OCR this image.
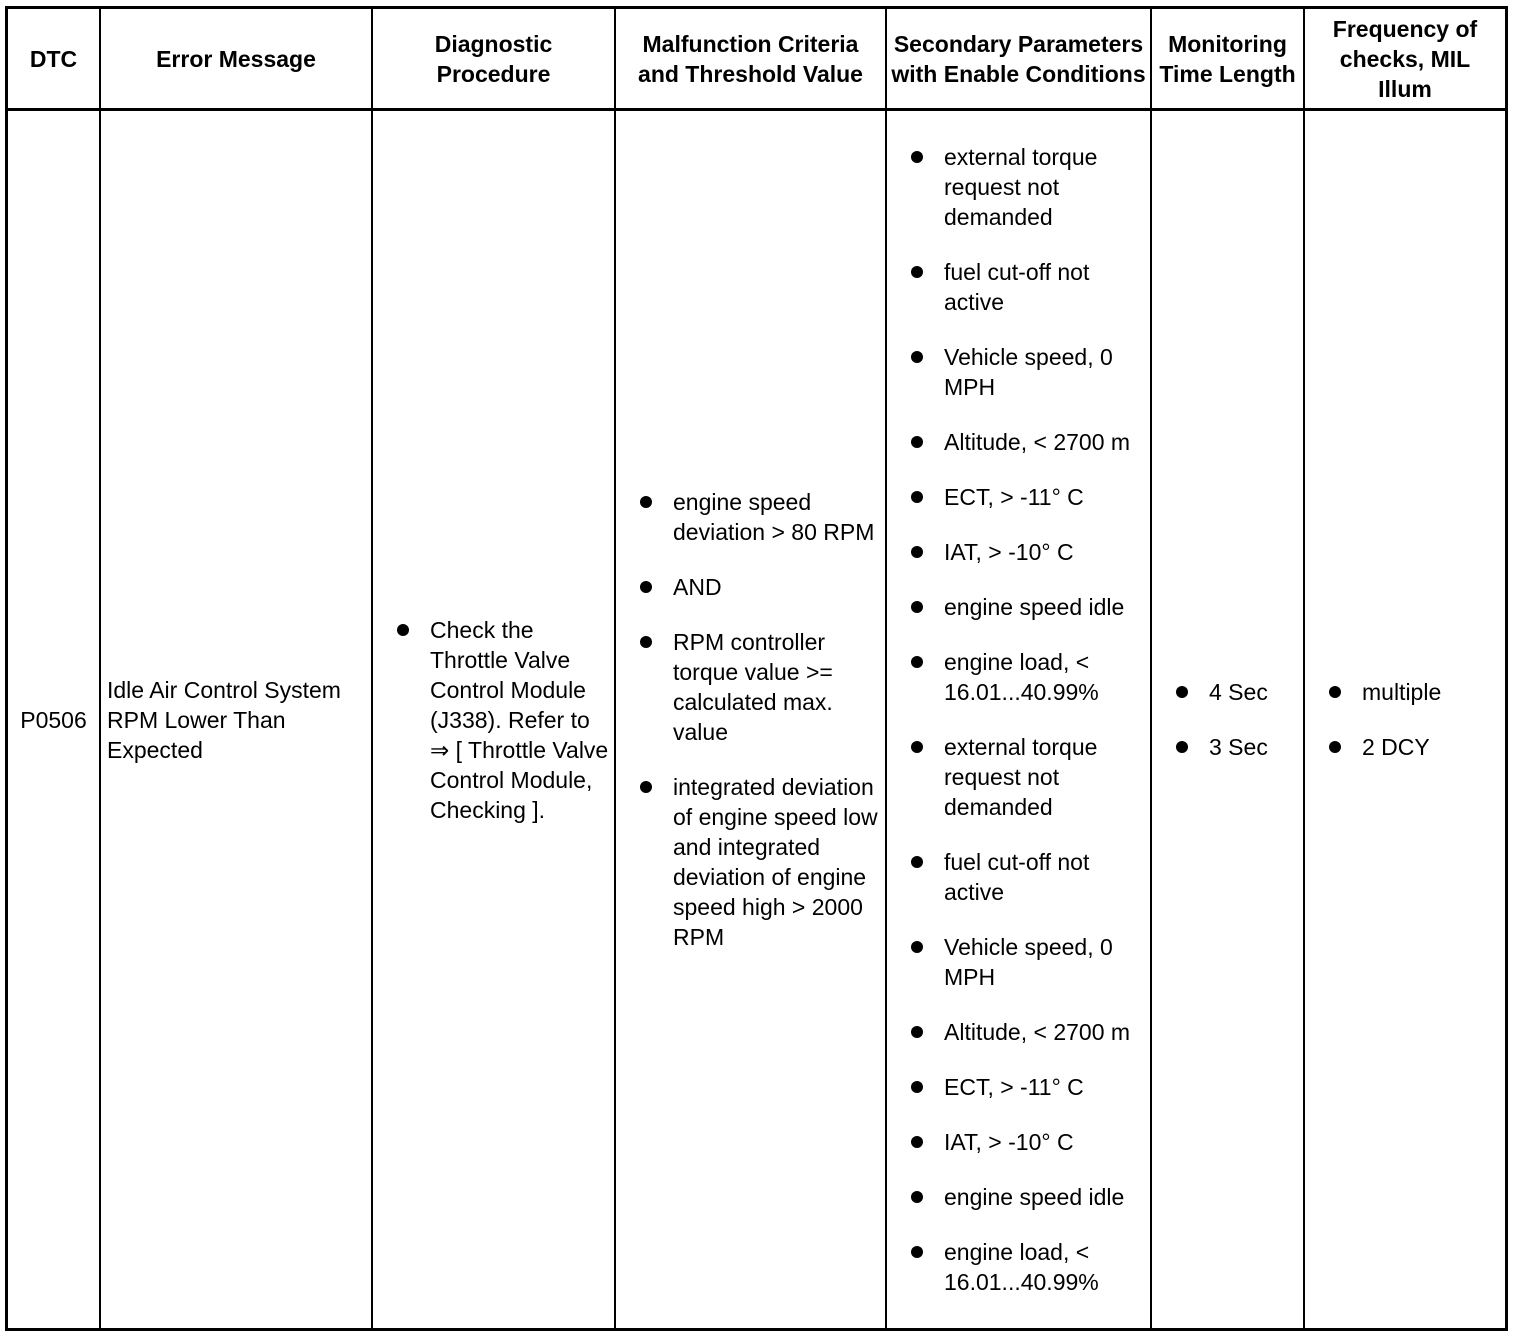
DTC	Error Message
Diagnostic Procedure
Malfunction Criteria and Threshold Value
Secondary Parameters with Enable Conditions
Monitoring Time Length
Frequency of checks, MIL Illum
P0506
Idle Air Control System RPM Lower Than Expected
Check the Throttle Valve Control Module (J338). Refer to ⇒ [ Throttle Valve Control Module, Checking ].
engine speed deviation > 80 RPM
AND
RPM controller torque value >= calculated max. value
integrated deviation of engine speed low and integrated deviation of engine speed high > 2000 RPM
external torque request not demanded
fuel cut-off not active
Vehicle speed, 0 MPH
Altitude, < 2700 m
ECT, > -11° C
IAT, > -10° C
engine speed idle
engine load, < 16.01...40.99%
external torque request not demanded
fuel cut-off not active
Vehicle speed, 0 MPH
Altitude, < 2700 m
ECT, > -11° C
IAT, > -10° C
engine speed idle
engine load, < 16.01...40.99%
4 Sec
3 Sec
multiple
2 DCY
